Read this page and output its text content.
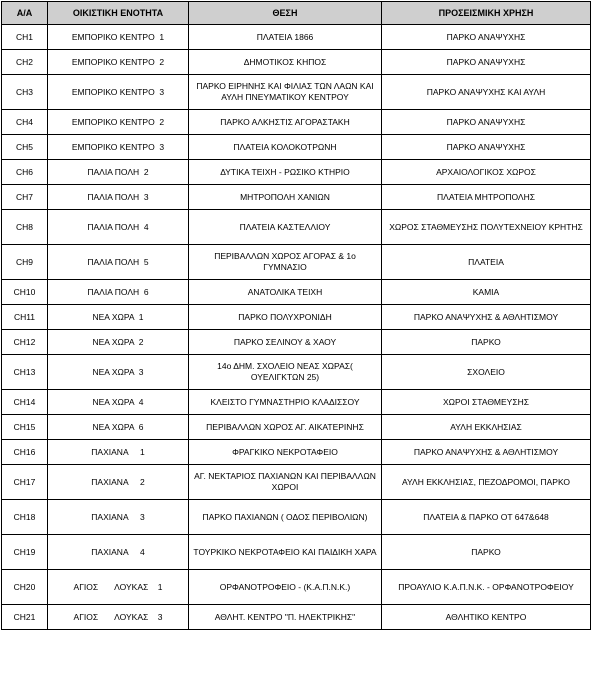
Α/Α	ΟΙΚΙΣΤΙΚΗ ΕΝΟΤΗΤΑ	ΘΕΣΗ	ΠΡΟΣΕΙΣΜΙΚΗ ΧΡΗΣΗ
CH1	ΕΜΠΟΡΙΚΟ ΚΕΝΤΡΟ  1	ΠΛΑΤΕΙΑ 1866	ΠΑΡΚΟ ΑΝΑΨΥΧΗΣ
CH2	ΕΜΠΟΡΙΚΟ ΚΕΝΤΡΟ  2	ΔΗΜΟΤΙΚΟΣ ΚΗΠΟΣ	ΠΑΡΚΟ ΑΝΑΨΥΧΗΣ
CH3	ΕΜΠΟΡΙΚΟ ΚΕΝΤΡΟ  3	ΠΑΡΚΟ ΕΙΡΗΝΗΣ ΚΑΙ ΦΙΛΙΑΣ ΤΩΝ ΛΑΩΝ ΚΑΙ ΑΥΛΗ ΠΝΕΥΜΑΤΙΚΟΥ ΚΕΝΤΡΟΥ	ΠΑΡΚΟ ΑΝΑΨΥΧΗΣ ΚΑΙ ΑΥΛΗ
CH4	ΕΜΠΟΡΙΚΟ ΚΕΝΤΡΟ  2	ΠΑΡΚΟ ΑΛΚΗΣΤΙΣ ΑΓΟΡΑΣΤΑΚΗ	ΠΑΡΚΟ ΑΝΑΨΥΧΗΣ
CH5	ΕΜΠΟΡΙΚΟ ΚΕΝΤΡΟ  3	ΠΛΑΤΕΙΑ ΚΟΛΟΚΟΤΡΩΝΗ	ΠΑΡΚΟ ΑΝΑΨΥΧΗΣ
CH6	ΠΑΛΙΑ ΠΟΛΗ  2	ΔΥΤΙΚΑ ΤΕΙΧΗ - ΡΩΣΙΚΟ ΚΤΗΡΙΟ	ΑΡΧΑΙΟΛΟΓΙΚΟΣ ΧΩΡΟΣ
CH7	ΠΑΛΙΑ ΠΟΛΗ  3	ΜΗΤΡΟΠΟΛΗ ΧΑΝΙΩΝ	ΠΛΑΤΕΙΑ ΜΗΤΡΟΠΟΛΗΣ
CH8	ΠΑΛΙΑ ΠΟΛΗ  4	ΠΛΑΤΕΙΑ ΚΑΣΤΕΛΛΙΟΥ	ΧΩΡΟΣ ΣΤΑΘΜΕΥΣΗΣ ΠΟΛΥΤΕΧΝΕΙΟΥ ΚΡΗΤΗΣ
CH9	ΠΑΛΙΑ ΠΟΛΗ  5	ΠΕΡΙΒΑΛΛΩΝ ΧΩΡΟΣ ΑΓΟΡΑΣ & 1ο ΓΥΜΝΑΣΙΟ	ΠΛΑΤΕΙΑ
CH10	ΠΑΛΙΑ ΠΟΛΗ  6	ΑΝΑΤΟΛΙΚΑ ΤΕΙΧΗ	ΚΑΜΙΑ
CH11	ΝΕΑ ΧΩΡΑ  1	ΠΑΡΚΟ ΠΟΛΥΧΡΟΝΙΔΗ	ΠΑΡΚΟ ΑΝΑΨΥΧΗΣ & ΑΘΛΗΤΙΣΜΟΥ
CH12	ΝΕΑ ΧΩΡΑ  2	ΠΑΡΚΟ ΣΕΛΙΝΟΥ & ΧΑΟΥ	ΠΑΡΚΟ
CH13	ΝΕΑ ΧΩΡΑ  3	14ο ΔΗΜ. ΣΧΟΛΕΙΟ ΝΕΑΣ ΧΩΡΑΣ( ΟΥΕΛΙΓΚΤΩΝ 25)	ΣΧΟΛΕΙΟ
CH14	ΝΕΑ ΧΩΡΑ  4	ΚΛΕΙΣΤΟ ΓΥΜΝΑΣΤΗΡΙΟ ΚΛΑΔΙΣΣΟΥ	ΧΩΡΟΙ ΣΤΑΘΜΕΥΣΗΣ
CH15	ΝΕΑ ΧΩΡΑ  6	ΠΕΡΙΒΑΛΛΩΝ ΧΩΡΟΣ ΑΓ. ΑΙΚΑΤΕΡΙΝΗΣ	ΑΥΛΗ ΕΚΚΛΗΣΙΑΣ
CH16	ΠΑΧΙΑΝΑ     1	ΦΡΑΓΚΙΚΟ ΝΕΚΡΟΤΑΦΕΙΟ	ΠΑΡΚΟ ΑΝΑΨΥΧΗΣ & ΑΘΛΗΤΙΣΜΟΥ
CH17	ΠΑΧΙΑΝΑ     2	ΑΓ. ΝΕΚΤΑΡΙΟΣ ΠΑΧΙΑΝΩΝ ΚΑΙ ΠΕΡΙΒΑΛΛΩΝ ΧΩΡΟΙ	ΑΥΛΗ ΕΚΚΛΗΣΙΑΣ, ΠΕΖΟΔΡΟΜΟΙ, ΠΑΡΚΟ
CH18	ΠΑΧΙΑΝΑ     3	ΠΑΡΚΟ ΠΑΧΙΑΝΩΝ ( ΟΔΟΣ ΠΕΡΙΒΟΛΙΩΝ)	ΠΛΑΤΕΙΑ & ΠΑΡΚΟ ΟΤ 647&648
CH19	ΠΑΧΙΑΝΑ     4	ΤΟΥΡΚΙΚΟ ΝΕΚΡΟΤΑΦΕΙΟ ΚΑΙ ΠΑΙΔΙΚΗ ΧΑΡΑ	ΠΑΡΚΟ
CH20	ΑΓΙΟΣ       ΛΟΥΚΑΣ    1	ΟΡΦΑΝΟΤΡΟΦΕΙΟ - (Κ.Α.Π.Ν.Κ.)	ΠΡΟΑΥΛΙΟ Κ.Α.Π.Ν.Κ. - ΟΡΦΑΝΟΤΡΟΦΕΙΟΥ
CH21	ΑΓΙΟΣ       ΛΟΥΚΑΣ    3	ΑΘΛΗΤ. ΚΕΝΤΡΟ "Π. ΗΛΕΚΤΡΙΚΗΣ"	ΑΘΛΗΤΙΚΟ ΚΕΝΤΡΟ
